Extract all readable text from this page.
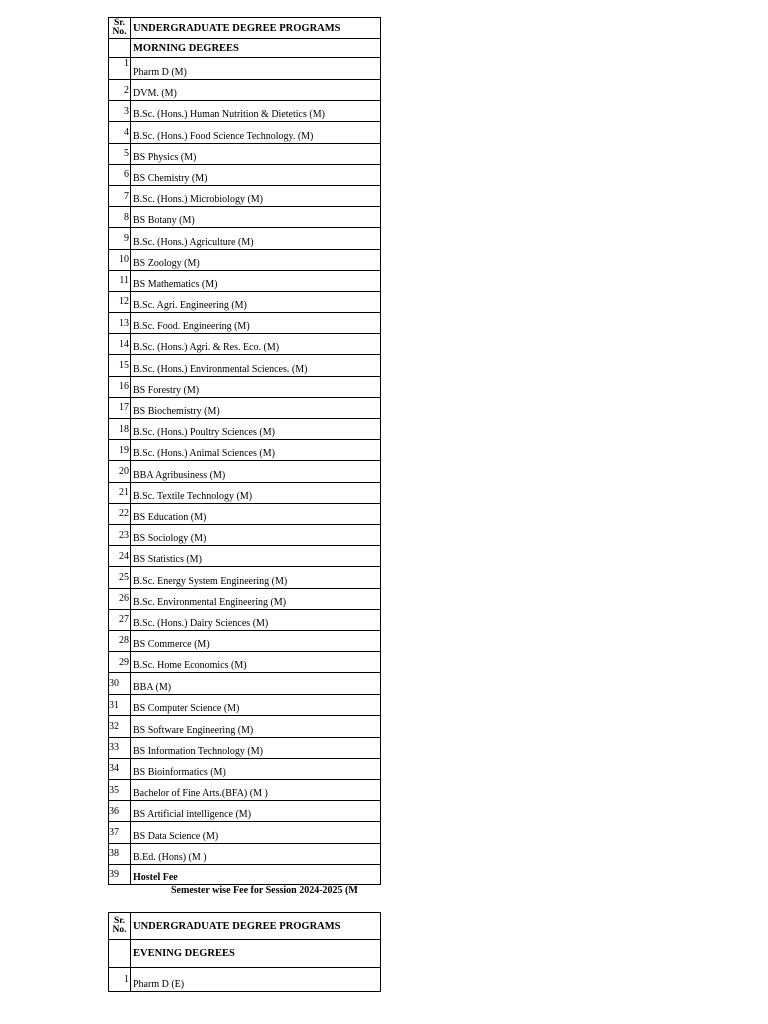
Sr.
No.	UNDERGRADUATE DEGREE PROGRAMS
	MORNING DEGREES
1	Pharm D (M)
2	DVM. (M)
3	B.Sc. (Hons.) Human Nutrition & Dietetics (M)
4	B.Sc. (Hons.) Food Science Technology. (M)
5	BS Physics (M)
6	BS Chemistry (M)
7	B.Sc. (Hons.) Microbiology (M)
8	BS Botany (M)
9	B.Sc. (Hons.) Agriculture (M)
10	BS Zoology (M)
11	BS Mathematics (M)
12	B.Sc. Agri. Engineering (M)
13	B.Sc. Food. Engineering (M)
14	B.Sc. (Hons.) Agri. & Res. Eco. (M)
15	B.Sc. (Hons.) Environmental Sciences. (M)
16	BS Forestry (M)
17	BS Biochemistry (M)
18	B.Sc. (Hons.) Poultry Sciences (M)
19	B.Sc. (Hons.) Animal Sciences (M)
20	BBA Agribusiness (M)
21	B.Sc. Textile Technology (M)
22	BS Education (M)
23	BS Sociology (M)
24	BS Statistics (M)
25	B.Sc. Energy System Engineering (M)
26	B.Sc. Environmental Engineering (M)
27	B.Sc. (Hons.) Dairy Sciences (M)
28	BS Commerce (M)
29	B.Sc. Home Economics (M)
30	BBA (M)
31	BS Computer Science (M)
32	BS Software Engineering (M)
33	BS Information Technology (M)
34	BS Bioinformatics (M)
35	Bachelor of Fine Arts.(BFA) (M )
36	BS Artificial intelligence (M)
37	BS Data Science (M)
38	B.Ed. (Hons) (M )
39	Hostel Fee
Semester wise Fee for Session 2024-2025 (M
Sr.
No.	UNDERGRADUATE DEGREE PROGRAMS
	EVENING DEGREES
1	Pharm D (E)
